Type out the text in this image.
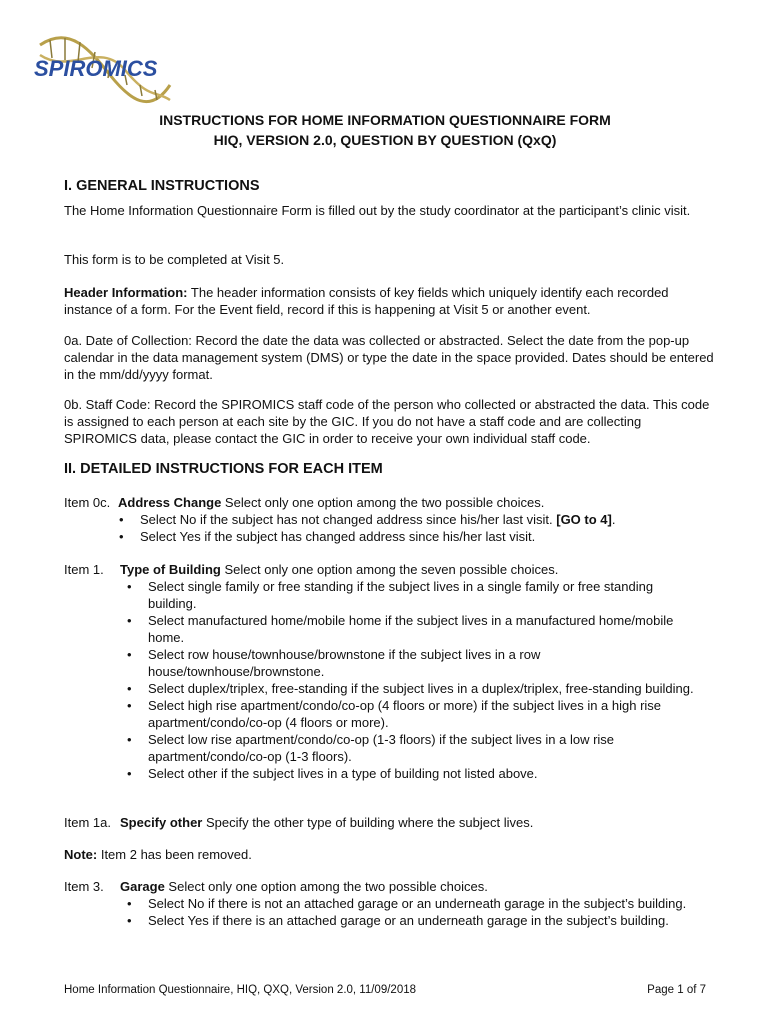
SPIROMICS
INSTRUCTIONS FOR HOME INFORMATION QUESTIONNAIRE FORM
HIQ, VERSION 2.0, QUESTION BY QUESTION (QxQ)
I. GENERAL INSTRUCTIONS
The Home Information Questionnaire Form is filled out by the study coordinator at the participant’s clinic visit.
This form is to be completed at Visit 5.
Header Information: The header information consists of key fields which uniquely identify each recorded instance of a form. For the Event field, record if this is happening at Visit 5 or another event.
0a. Date of Collection: Record the date the data was collected or abstracted. Select the date from the pop-up calendar in the data management system (DMS) or type the date in the space provided. Dates should be entered in the mm/dd/yyyy format.
0b. Staff Code: Record the SPIROMICS staff code of the person who collected or abstracted the data. This code is assigned to each person at each site by the GIC. If you do not have a staff code and are collecting SPIROMICS data, please contact the GIC in order to receive your own individual staff code.
II. DETAILED INSTRUCTIONS FOR EACH ITEM
Item 0c. Address Change Select only one option among the two possible choices.
• Select No if the subject has not changed address since his/her last visit. [GO to 4].
• Select Yes if the subject has changed address since his/her last visit.
Item 1. Type of Building Select only one option among the seven possible choices.
• Select single family or free standing if the subject lives in a single family or free standing building.
• Select manufactured home/mobile home if the subject lives in a manufactured home/mobile home.
• Select row house/townhouse/brownstone if the subject lives in a row house/townhouse/brownstone.
• Select duplex/triplex, free-standing if the subject lives in a duplex/triplex, free-standing building.
• Select high rise apartment/condo/co-op (4 floors or more) if the subject lives in a high rise apartment/condo/co-op (4 floors or more).
• Select low rise apartment/condo/co-op (1-3 floors) if the subject lives in a low rise apartment/condo/co-op (1-3 floors).
• Select other if the subject lives in a type of building not listed above.
Item 1a. Specify other Specify the other type of building where the subject lives.
Note: Item 2 has been removed.
Item 3. Garage Select only one option among the two possible choices.
• Select No if there is not an attached garage or an underneath garage in the subject’s building.
• Select Yes if there is an attached garage or an underneath garage in the subject’s building.
Home Information Questionnaire, HIQ, QXQ, Version 2.0, 11/09/2018	Page 1 of 7
